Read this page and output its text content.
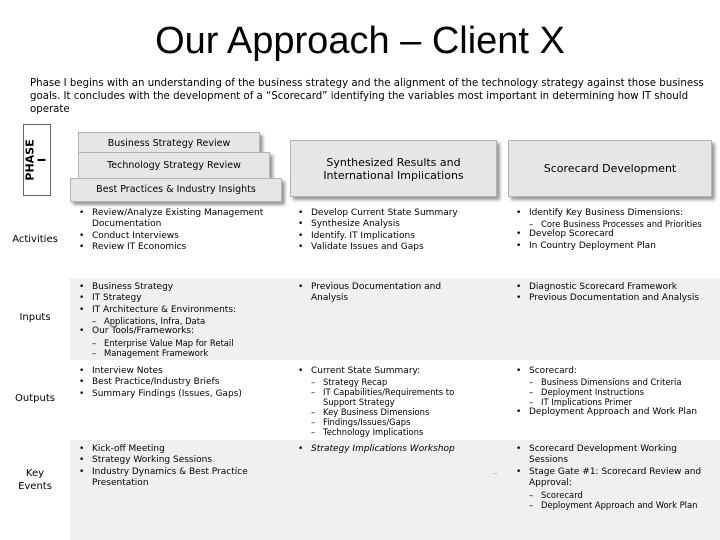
Our Approach – Client X
Phase I begins with an understanding of the business strategy and the alignment of the technology strategy against those business goals. It concludes with the development of a “Scorecard” identifying the variables most important in determining how IT should operate
PHASE
I
Business Strategy Review
Technology Strategy Review
Best Practices & Industry Insights
Synthesized Results and International Implications	Scorecard Development
Activities
Inputs
Outputs
Key
Events
• Review/Analyze Existing Management Documentation
• Conduct Interviews
• Review IT Economics
• Develop Current State Summary
• Synthesize Analysis
• Identify. IT Implications
• Validate Issues and Gaps
• Identify Key Business Dimensions:
– Core Business Processes and Priorities
• Develop Scorecard
• In Country Deployment Plan
• Business Strategy
• IT Strategy
• IT Architecture & Environments:
– Applications, Infra, Data
• Our Tools/Frameworks:
– Enterprise Value Map for Retail
– Management Framework
• Previous Documentation and Analysis
• Diagnostic Scorecard Framework
• Previous Documentation and Analysis
• Interview Notes
• Best Practice/Industry Briefs
• Summary Findings (Issues, Gaps)
• Current State Summary:
– Strategy Recap
– IT Capabilities/Requirements to Support Strategy
– Key Business Dimensions
– Findings/Issues/Gaps
– Technology Implications
• Scorecard:
– Business Dimensions and Criteria
– Deployment Instructions
– IT Implications Primer
• Deployment Approach and Work Plan
• Kick-off Meeting
• Strategy Working Sessions
• Industry Dynamics & Best Practice Presentation
• Strategy Implications Workshop
•	Scorecard Development Working Sessions
• Stage Gate #1: Scorecard Review and Approval:
– Scorecard
– Deployment Approach and Work Plan
—
